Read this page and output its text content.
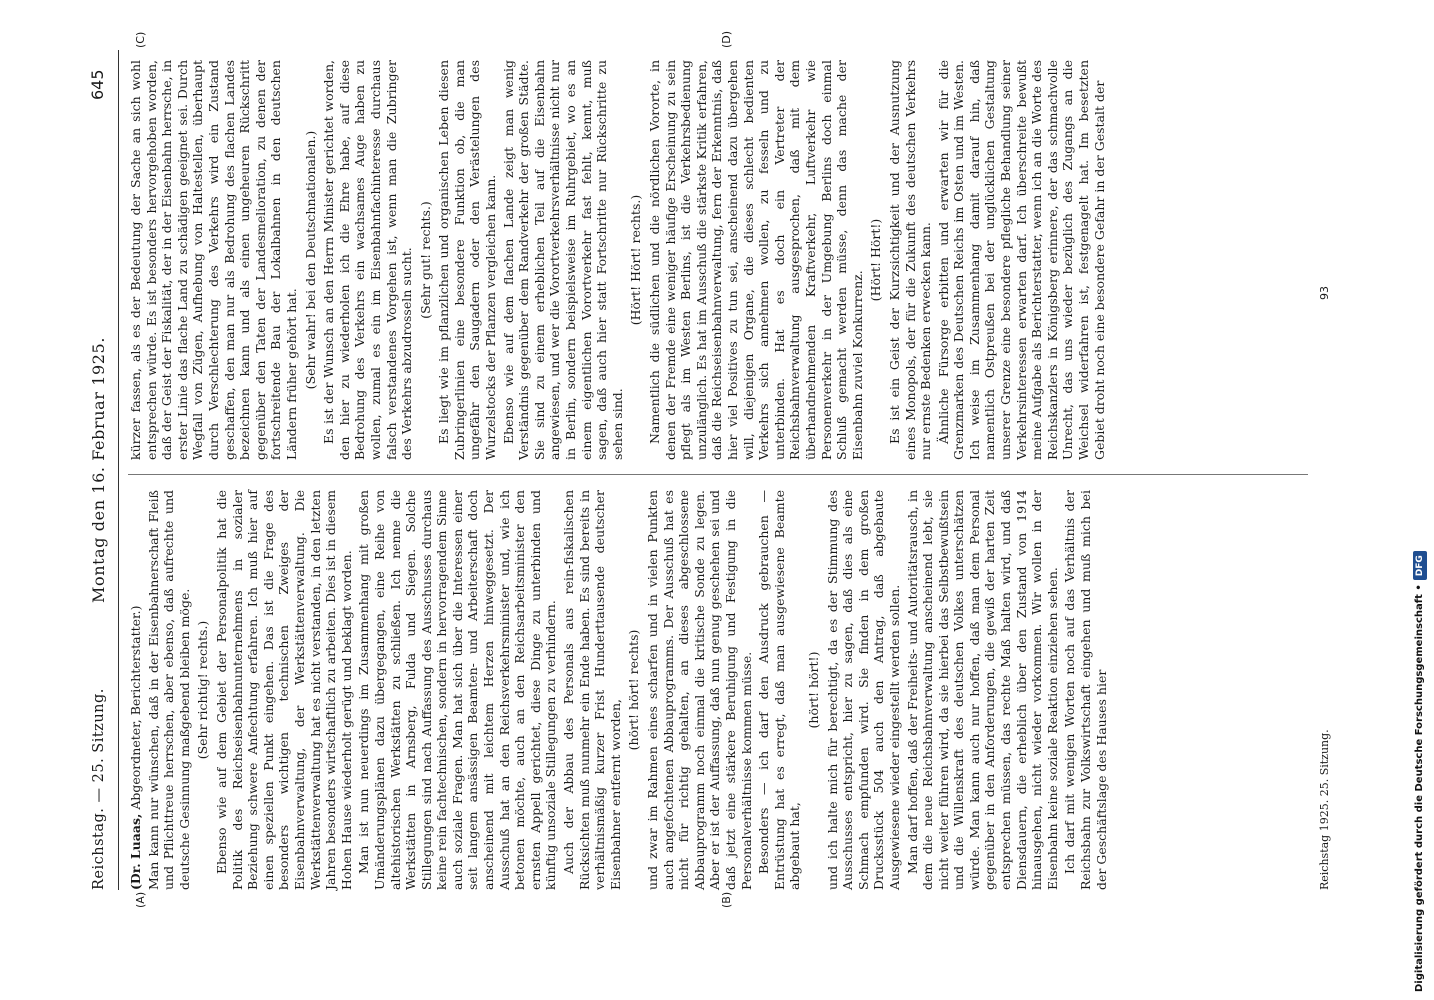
Reichstag. — 25. Sitzung.
Montag den 16. Februar 1925.
645
(A)	(B)
(C)	(D)

(Dr. Luaas, Abgeordneter, Berichterstatter.) Man kann nur wünschen, daß in der Eisenbahnerschaft Fleiß und Pflichttreue herrschen, aber ebenso, daß aufrechte und deutsche Gesinnung maßgebend bleiben möge. (Sehr richtig! rechts.) Ebenso wie auf dem Gebiet der Personalpolitik hat die Politik des Reichseisenbahnunternehmens in sozialer Beziehung schwere Anfechtung erfahren. Ich muß hier auf einen speziellen Punkt eingehen. Das ist die Frage des besonders wichtigen technischen Zweiges der Eisenbahnverwaltung, der Werkstättenverwaltung. Die Werkstättenverwaltung hat es nicht verstanden, in den letzten Jahren besonders wirtschaftlich zu arbeiten. Dies ist in diesem Hohen Hause wiederholt gerügt und beklagt worden. Man ist nun neuerdings im Zusammenhang mit großen Umänderungsplänen dazu übergegangen, eine Reihe von altehistorischen Werkstätten zu schließen. Ich nenne die Werkstätten in Arnsberg, Fulda und Siegen. Solche Stillegungen sind nach Auffassung des Ausschusses durchaus keine rein fachtechnischen, sondern in hervorragendem Sinne auch soziale Fragen. Man hat sich über die Interessen einer seit langem ansässigen Beamten- und Arbeiterschaft doch anscheinend mit leichtem Herzen hinweggesetzt. Der Ausschuß hat an den Reichsverkehrsminister und, wie ich betonen möchte, auch an den Reichsarbeitsminister den ernsten Appell gerichtet, diese Dinge zu unterbinden und künftig unsoziale Stillegungen zu verhindern. Auch der Abbau des Personals aus rein-fiskalischen Rücksichten muß nunmehr ein Ende haben. Es sind bereits in verhältnismäßig kurzer Frist Hunderttausende deutscher Eisenbahner entfernt worden,

(hört! hört! rechts) und zwar im Rahmen eines scharfen und in vielen Punkten auch angefochtenen Abbauprogramms. Der Ausschuß hat es nicht für richtig gehalten, an dieses abgeschlossene Abbauprogramm noch einmal die kritische Sonde zu legen. Aber er ist der Auffassung, daß nun genug geschehen sei und daß jetzt eine stärkere Beruhigung und Festigung in die Personalverhältnisse kommen müsse. Besonders — ich darf den Ausdruck gebrauchen — Entrüstung hat es erregt, daß man ausgewiesene Beamte abgebaut hat,

(hört! hört!) und ich halte mich für berechtigt, da es der Stimmung des Ausschusses entspricht, hier zu sagen, daß dies als eine Schmach empfunden wird. Sie finden in dem großen Drucksstück 504 auch den Antrag, daß abgebaute Ausgewiesene wieder eingestellt werden sollen. Man darf hoffen, daß der Freiheits- und Autoritätsrausch, in dem die neue Reichsbahnverwaltung anscheinend lebt, sie nicht weiter führen wird, da sie hierbei das Selbstbewußtsein und die Willenskraft des deutschen Volkes unterschätzen würde. Man kann auch nur hoffen, daß man dem Personal gegenüber in den Anforderungen, die gewiß der harten Zeit entsprechen müssen, das rechte Maß halten wird, und daß Diensdauern, die erheblich über den Zustand von 1914 hinausgehen, nicht wieder vorkommen. Wir wollen in der Eisenbahn keine soziale Reaktion einziehen sehen. Ich darf mit wenigen Worten noch auf das Verhältnis der Reichsbahn zur Volkswirtschaft eingehen und muß mich bei der Geschäftslage des Hauses hier

kürzer fassen, als es der Bedeutung der Sache an sich wohl entsprechen würde. Es ist besonders hervorgehoben worden, daß der Geist der Fiskalität, der in der Eisenbahn herrsche, in erster Linie das flache Land zu schädigen geeignet sei. Durch Wegfall von Zügen, Aufhebung von Haltestellen, überhaupt durch Verschlechterung des Verkehrs wird ein Zustand geschaffen, den man nur als Bedrohung des flachen Landes bezeichnen kann und als einen ungeheuren Rückschritt gegenüber den Taten der Landesmelioration, zu denen der fortschreitende Bau der Lokalbahnen in den deutschen Ländern früher gehört hat. (Sehr wahr! bei den Deutschnationalen.) Es ist der Wunsch an den Herrn Minister gerichtet worden, den hier zu wiederholen ich die Ehre habe, auf diese Bedrohung des Verkehrs ein wachsames Auge haben zu wollen, zumal es ein im Eisenbahnfachinteresse durchaus falsch verstandenes Vorgehen ist, wenn man die Zubringer des Verkehrs abzudrosseln sucht. (Sehr gut! rechts.) Es liegt wie im pflanzlichen und organischen Leben diesen Zubringerlinien eine besondere Funktion ob, die man ungefähr den Saugadern oder den Verästelungen des Wurzelstocks der Pflanzen vergleichen kann. Ebenso wie auf dem flachen Lande zeigt man wenig Verständnis gegenüber dem Randverkehr der großen Städte. Sie sind zu einem erheblichen Teil auf die Eisenbahn angewiesen, und wer die Vorortverkehrsverhältnisse nicht nur in Berlin, sondern beispielsweise im Ruhrgebiet, wo es an einem eigentlichen Vorortverkehr fast fehlt, kennt, muß sagen, daß auch hier statt Fortschritte nur Rückschritte zu sehen sind.

(Hört! Hört! rechts.) Namentlich die südlichen und die nördlichen Vororte, in denen der Fremde eine weniger häufige Erscheinung zu sein pflegt als im Westen Berlins, ist die Verkehrsbedienung unzulänglich. Es hat im Ausschuß die stärkste Kritik erfahren, daß die Reichseisenbahnverwaltung, fern der Erkenntnis, daß hier viel Positives zu tun sei, anscheinend dazu übergehen will, diejenigen Organe, die dieses schlecht bedienten Verkehrs sich annehmen wollen, zu fesseln und zu unterbinden. Hat es doch ein Vertreter der Reichsbahnverwaltung ausgesprochen, daß mit dem überhandnehmenden Kraftverkehr, Luftverkehr wie Personenverkehr in der Umgebung Berlins doch einmal Schluß gemacht werden müsse, denn das mache der Eisenbahn zuviel Konkurrenz.

(Hört! Hört!) Es ist ein Geist der Kurzsichtigkeit und der Ausnutzung eines Monopols, der für die Zukunft des deutschen Verkehrs nur ernste Bedenken erwecken kann. Ähnliche Fürsorge erbitten und erwarten wir für die Grenzmarken des Deutschen Reichs im Osten und im Westen. Ich weise im Zusammenhang damit darauf hin, daß namentlich Ostpreußen bei der unglücklichen Gestaltung unserer Grenze eine besondere pflegliche Behandlung seiner Verkehrsinteressen erwarten darf. Ich überschreite bewußt meine Aufgabe als Berichterstatter, wenn ich an die Worte des Reichskanzlers in Königsberg erinnere, der das schmachvolle Unrecht, das uns wieder bezüglich des Zugangs an die Weichsel widerfahren ist, festgenagelt hat. Im besetzten Gebiet droht noch eine besondere Gefahr in der Gestalt der

Reichstag 1925. 25. Sitzung.
93
Digitalisierung gefördert durch die Deutsche Forschungsgemeinschaft •DFG
